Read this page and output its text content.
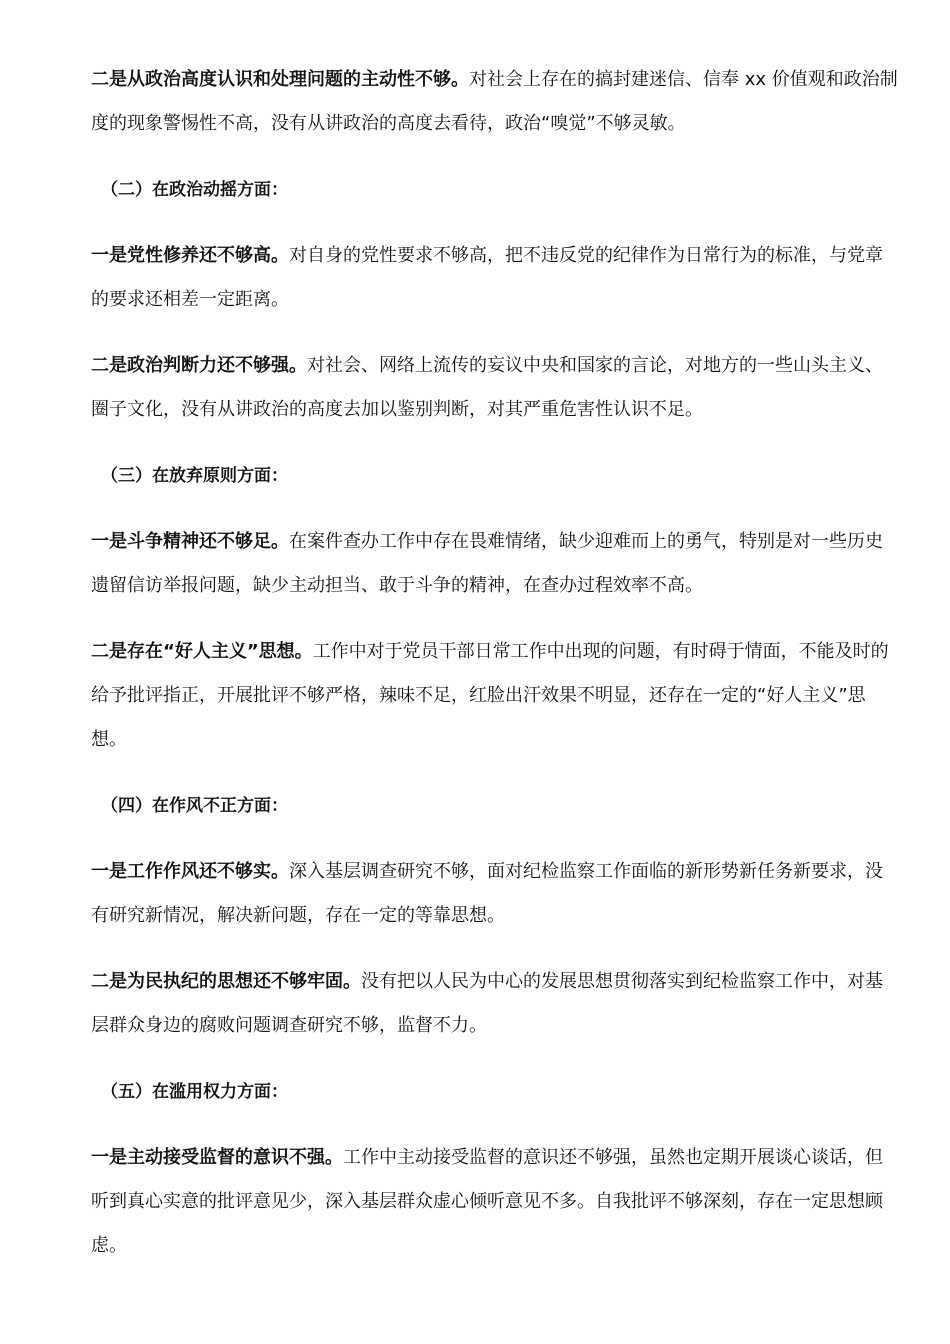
二是从政治高度认识和处理问题的主动性不够。对社会上存在的搞封建迷信、信奉 xx 价值观和政治制度的现象警惕性不高，没有从讲政治的高度去看待，政治“嗅觉”不够灵敏。

（二）在政治动摇方面：

一是党性修养还不够高。对自身的党性要求不够高，把不违反党的纪律作为日常行为的标准，与党章的要求还相差一定距离。

二是政治判断力还不够强。对社会、网络上流传的妄议中央和国家的言论，对地方的一些山头主义、圈子文化，没有从讲政治的高度去加以鉴别判断，对其严重危害性认识不足。

（三）在放弃原则方面：

一是斗争精神还不够足。在案件查办工作中存在畏难情绪，缺少迎难而上的勇气，特别是对一些历史遗留信访举报问题，缺少主动担当、敢于斗争的精神，在查办过程效率不高。

二是存在“好人主义”思想。工作中对于党员干部日常工作中出现的问题，有时碍于情面，不能及时的给予批评指正，开展批评不够严格，辣味不足，红脸出汗效果不明显，还存在一定的“好人主义”思想。

（四）在作风不正方面：

一是工作作风还不够实。深入基层调查研究不够，面对纪检监察工作面临的新形势新任务新要求，没有研究新情况，解决新问题，存在一定的等靠思想。

二是为民执纪的思想还不够牢固。没有把以人民为中心的发展思想贯彻落实到纪检监察工作中，对基层群众身边的腐败问题调查研究不够，监督不力。

（五）在滥用权力方面：

一是主动接受监督的意识不强。工作中主动接受监督的意识还不够强，虽然也定期开展谈心谈话，但听到真心实意的批评意见少，深入基层群众虚心倾听意见不多。自我批评不够深刻，存在一定思想顾虑。
